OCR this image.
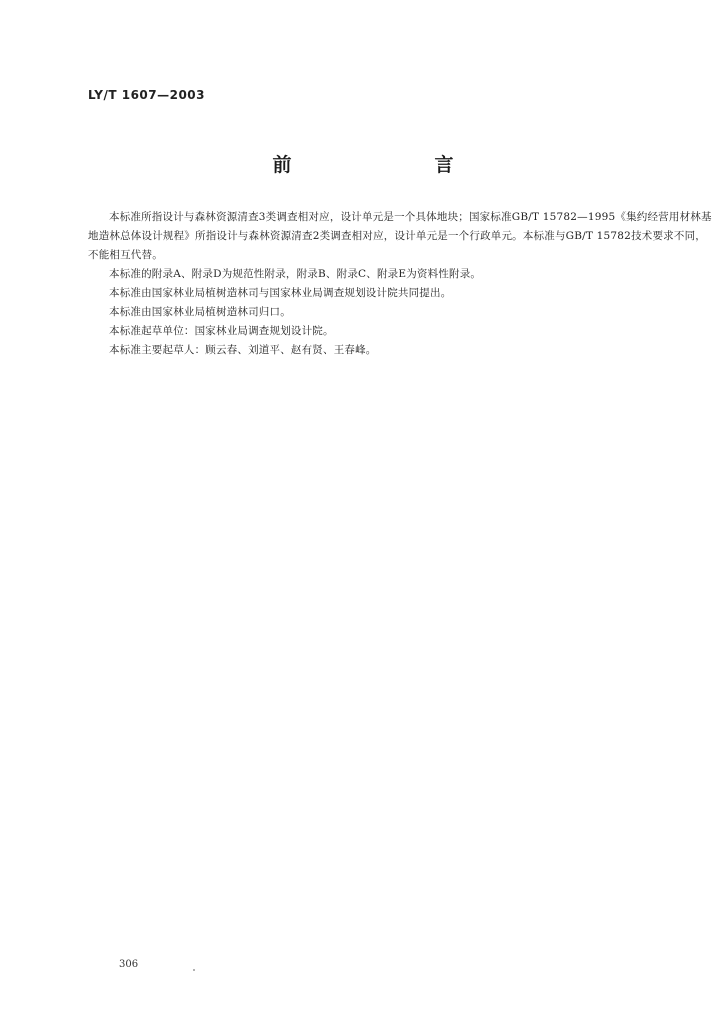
LY/T 1607—2003
前　言

本标准所指设计与森林资源清查3类调查相对应，设计单元是一个具体地块；国家标准GB/T 15782—1995《集约经营用材林基地造林总体设计规程》所指设计与森林资源清查2类调查相对应，设计单元是一个行政单元。本标准与GB/T 15782技术要求不同，不能相互代替。

本标准的附录A、附录D为规范性附录，附录B、附录C、附录E为资料性附录。

本标准由国家林业局植树造林司与国家林业局调查规划设计院共同提出。

本标准由国家林业局植树造林司归口。

本标准起草单位：国家林业局调查规划设计院。

本标准主要起草人：顾云春、刘道平、赵有贤、王春峰。

306
